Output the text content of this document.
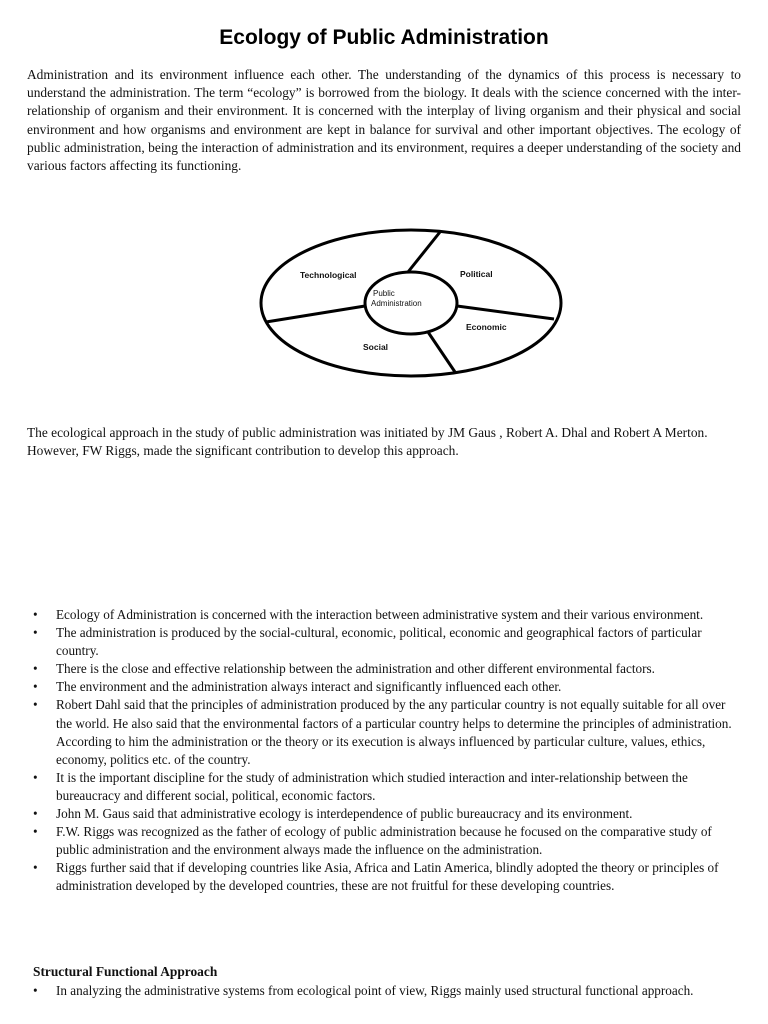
Ecology of Public Administration

Administration and its environment influence each other. The understanding of the dynamics of this process is necessary to understand the administration. The term “ecology” is borrowed from the biology. It deals with the science concerned with the inter-relationship of organism and their environment. It is concerned with the interplay of living organism and their physical and social environment and how organisms and environment are kept in balance for survival and other important objectives. The ecology of public administration, being the interaction of administration and its environment, requires a deeper understanding of the society and various factors affecting its functioning.

Technological	Political
Economic
Social
Public
Administration

The ecological approach in the study of public administration was initiated by JM Gaus , Robert A. Dhal and Robert A Merton. However, FW Riggs, made the significant contribution to develop this approach.

• Ecology of Administration is concerned with the interaction between administrative system and their various environment.
• The administration is produced by the social-cultural, economic, political, economic and geographical factors of particular country.
• There is the close and effective relationship between the administration and other different environmental factors.
• The environment and the administration always interact and significantly influenced each other.
• Robert Dahl said that the principles of administration produced by the any particular country is not equally suitable for all over the world. He also said that the environmental factors of a particular country helps to determine the principles of administration. According to him the administration or the theory or its execution is always influenced by particular culture, values, ethics, economy, politics etc. of the country.
• It is the important discipline for the study of administration which studied interaction and inter-relationship between the bureaucracy and different social, political, economic factors.
• John M. Gaus said that administrative ecology is interdependence of public bureaucracy and its environment.
• F.W. Riggs was recognized as the father of ecology of public administration because he focused on the comparative study of public administration and the environment always made the influence on the administration.
• Riggs further said that if developing countries like Asia, Africa and Latin America, blindly adopted the theory or principles of administration developed by the developed countries, these are not fruitful for these developing countries.

Structural Functional Approach

• In analyzing the administrative systems from ecological point of view, Riggs mainly used structural functional approach.
